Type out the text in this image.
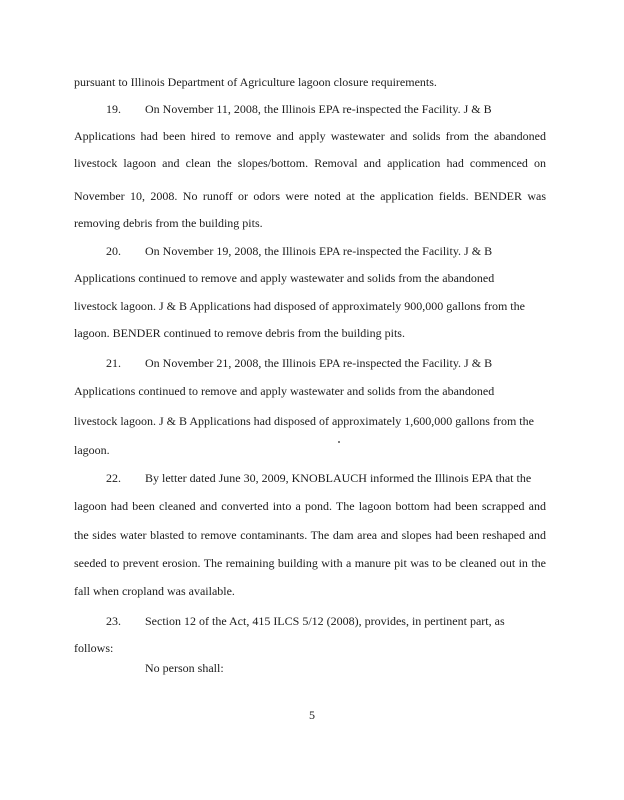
pursuant to Illinois Department of Agriculture lagoon closure requirements.
19. On November 11, 2008, the Illinois EPA re-inspected the Facility. J & B
Applications had been hired to remove and apply wastewater and solids from the abandoned
livestock lagoon and clean the slopes/bottom. Removal and application had commenced on
November 10, 2008. No runoff or odors were noted at the application fields. BENDER was
removing debris from the building pits.
20. On November 19, 2008, the Illinois EPA re-inspected the Facility. J & B
Applications continued to remove and apply wastewater and solids from the abandoned
livestock lagoon. J & B Applications had disposed of approximately 900,000 gallons from the
lagoon. BENDER continued to remove debris from the building pits.
21. On November 21, 2008, the Illinois EPA re-inspected the Facility. J & B
Applications continued to remove and apply wastewater and solids from the abandoned
livestock lagoon. J & B Applications had disposed of approximately 1,600,000 gallons from the
lagoon.
22. By letter dated June 30, 2009, KNOBLAUCH informed the Illinois EPA that the
lagoon had been cleaned and converted into a pond. The lagoon bottom had been scrapped and
the sides water blasted to remove contaminants. The dam area and slopes had been reshaped and
seeded to prevent erosion. The remaining building with a manure pit was to be cleaned out in the
fall when cropland was available.
23. Section 12 of the Act, 415 ILCS 5/12 (2008), provides, in pertinent part, as
follows:
No person shall:
5
